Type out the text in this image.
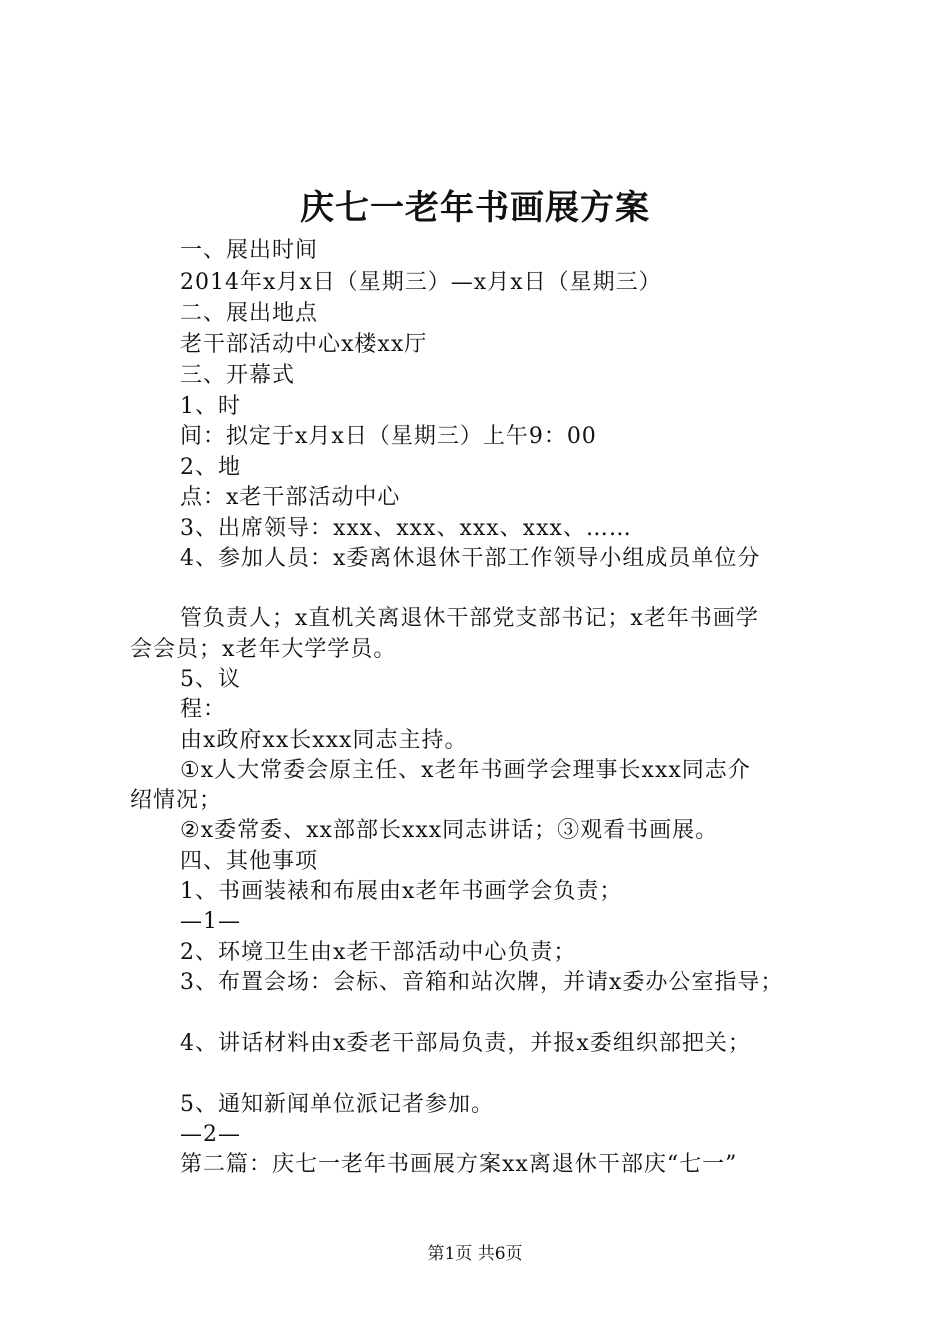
庆七一老年书画展方案
一、展出时间
2014年x月x日（星期三）—x月x日（星期三）
二、展出地点
老干部活动中心x楼xx厅
三、开幕式
1、时
间：拟定于x月x日（星期三）上午9：00
2、地
点：x老干部活动中心
3、出席领导：xxx、xxx、xxx、xxx、……
4、参加人员：x委离休退休干部工作领导小组成员单位分
管负责人；x直机关离退休干部党支部书记；x老年书画学
会会员；x老年大学学员。
5、议
程：
由x政府xx长xxx同志主持。
①x人大常委会原主任、x老年书画学会理事长xxx同志介
绍情况；
②x委常委、xx部部长xxx同志讲话；③观看书画展。
四、其他事项
1、书画装裱和布展由x老年书画学会负责；
—1—
2、环境卫生由x老干部活动中心负责；
3、布置会场：会标、音箱和站次牌，并请x委办公室指导；
4、讲话材料由x委老干部局负责，并报x委组织部把关；
5、通知新闻单位派记者参加。
—2—
第二篇：庆七一老年书画展方案xx离退休干部庆“七一”
第1页 共6页
